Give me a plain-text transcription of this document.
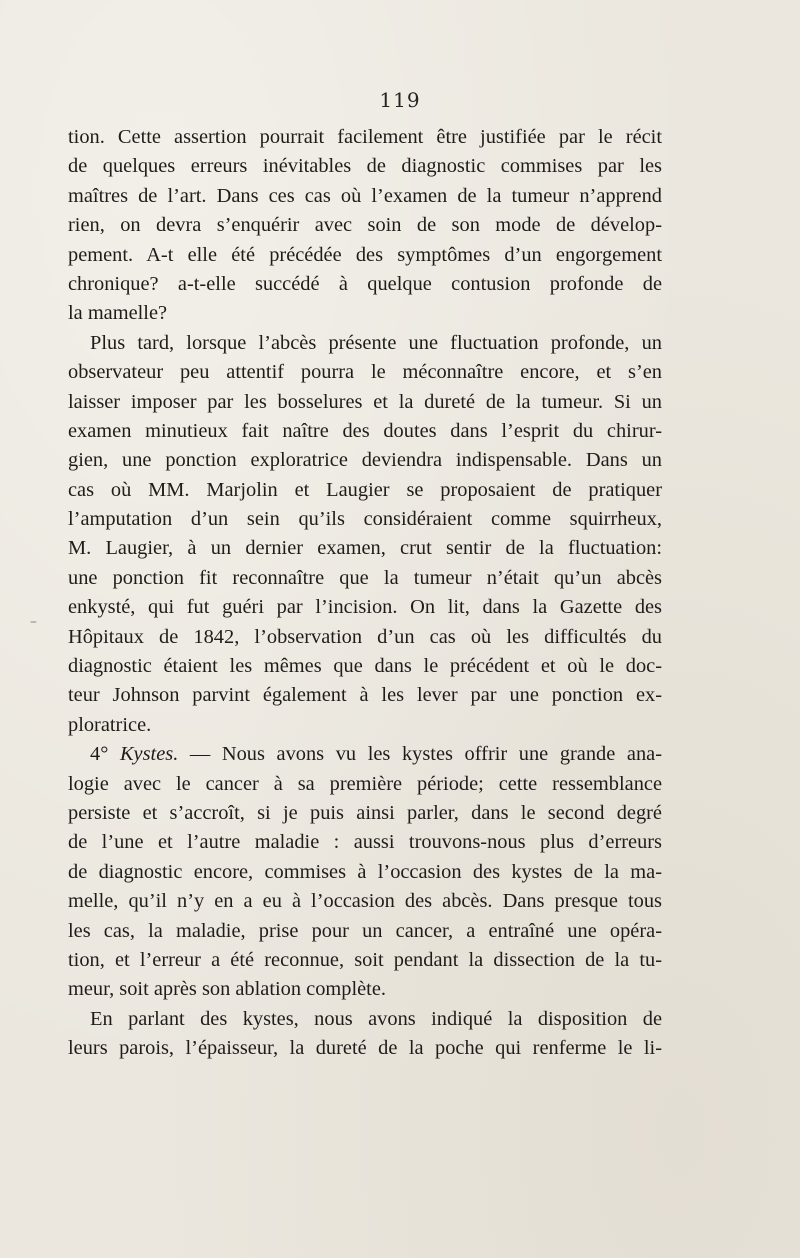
119
–
tion. Cette assertion pourrait facilement être justifiée par le récit
de quelques erreurs inévitables de diagnostic commises par les
maîtres de l’art. Dans ces cas où l’examen de la tumeur n’apprend
rien, on devra s’enquérir avec soin de son mode de dévelop-
pement. A-t elle été précédée des symptômes d’un engorgement
chronique? a-t-elle succédé à quelque contusion profonde de
la mamelle?
Plus tard, lorsque l’abcès présente une fluctuation profonde, un
observateur peu attentif pourra le méconnaître encore, et s’en
laisser imposer par les bosselures et la dureté de la tumeur. Si un
examen minutieux fait naître des doutes dans l’esprit du chirur-
gien, une ponction exploratrice deviendra indispensable. Dans un
cas où MM. Marjolin et Laugier se proposaient de pratiquer
l’amputation d’un sein qu’ils considéraient comme squirrheux,
M. Laugier, à un dernier examen, crut sentir de la fluctuation:
une ponction fit reconnaître que la tumeur n’était qu’un abcès
enkysté, qui fut guéri par l’incision. On lit, dans la Gazette des
Hôpitaux de 1842, l’observation d’un cas où les difficultés du
diagnostic étaient les mêmes que dans le précédent et où le doc-
teur Johnson parvint également à les lever par une ponction ex-
ploratrice.
4° Kystes. — Nous avons vu les kystes offrir une grande ana-
logie avec le cancer à sa première période; cette ressemblance
persiste et s’accroît, si je puis ainsi parler, dans le second degré
de l’une et l’autre maladie : aussi trouvons-nous plus d’erreurs
de diagnostic encore, commises à l’occasion des kystes de la ma-
melle, qu’il n’y en a eu à l’occasion des abcès. Dans presque tous
les cas, la maladie, prise pour un cancer, a entraîné une opéra-
tion, et l’erreur a été reconnue, soit pendant la dissection de la tu-
meur, soit après son ablation complète.
En parlant des kystes, nous avons indiqué la disposition de
leurs parois, l’épaisseur, la dureté de la poche qui renferme le li-
